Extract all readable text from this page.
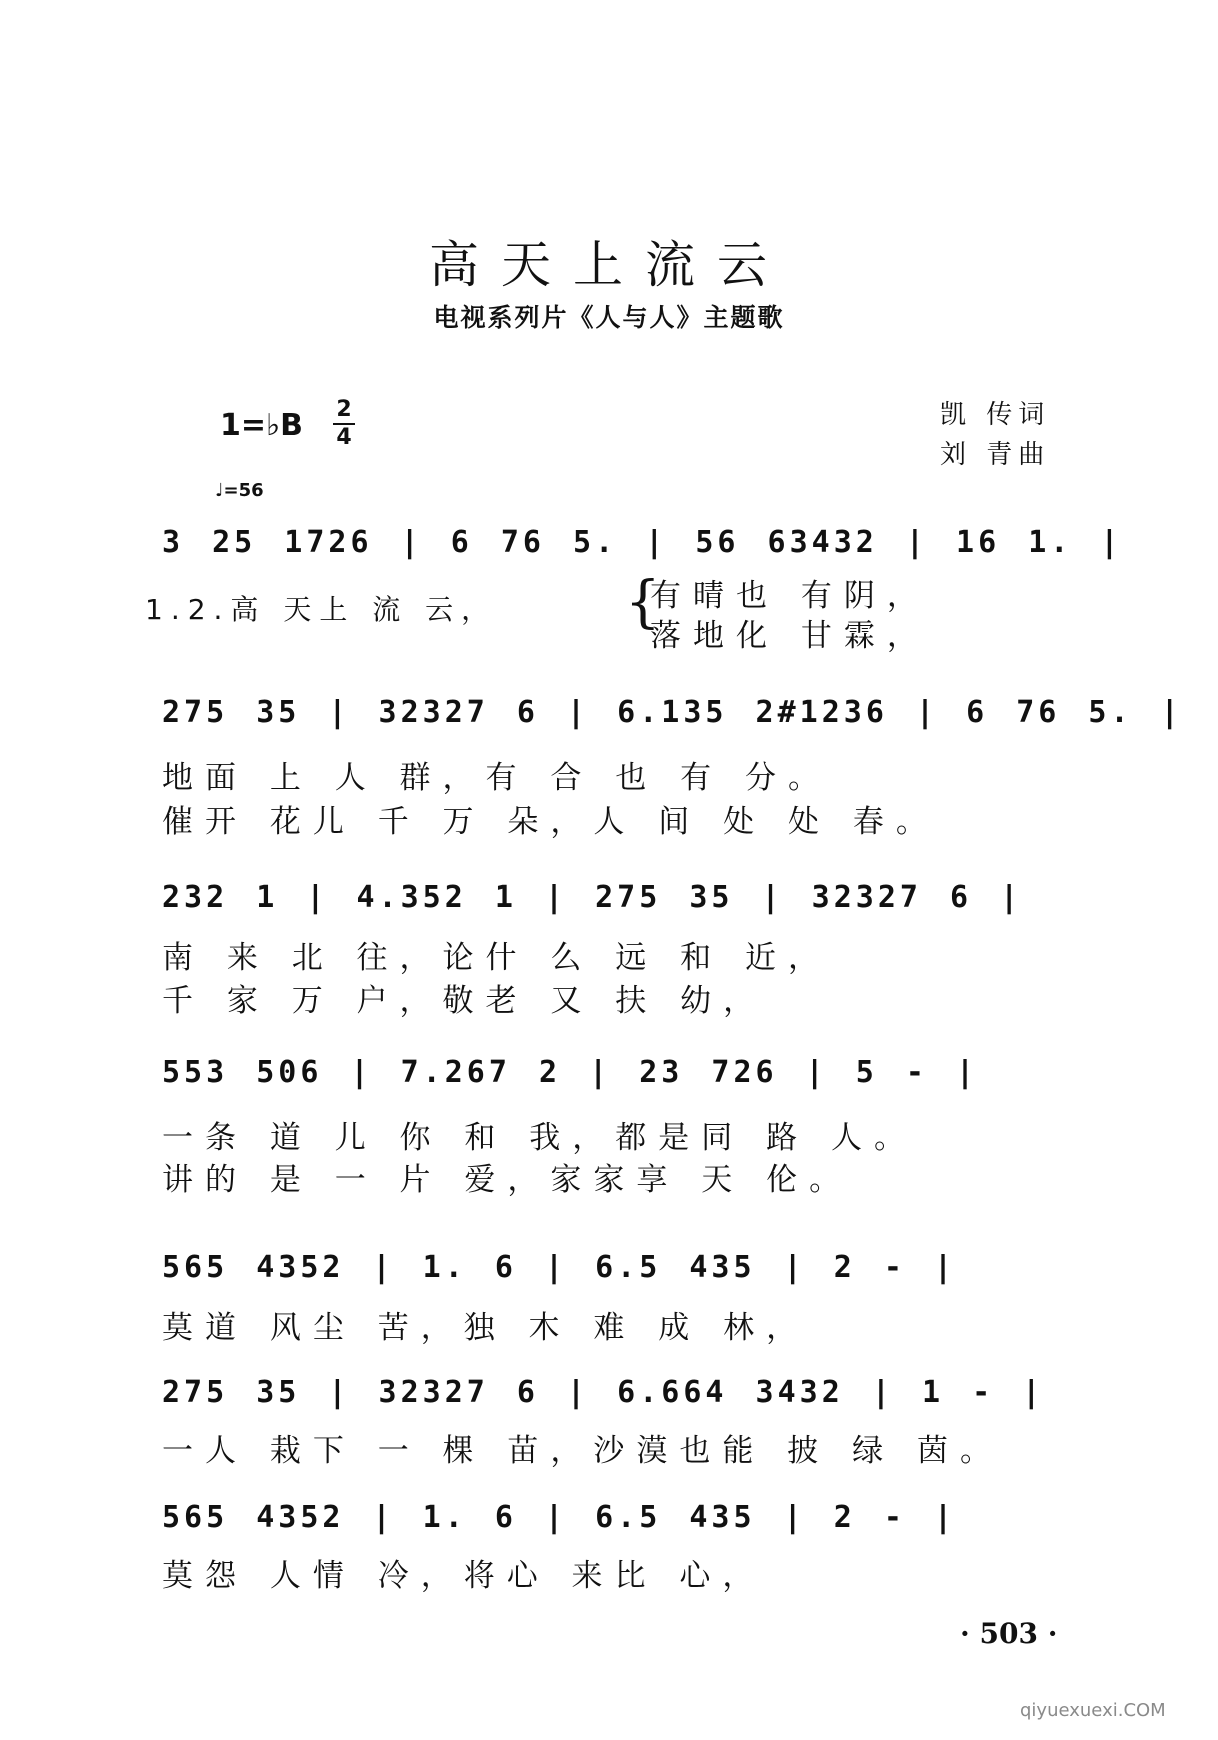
高天上流云
电视系列片《人与人》主题歌
1=♭B 2
4
♩=56
凯 传词
刘 青曲
3 25 1726 | 6 76 5. | 56 63432 | 16 1. |
1.2.高 天上 流 云， {
有晴也 有阴，
落地化 甘霖，
275 35 | 32327 6 | 6.135 2#1236 | 6 76 5. |
地面 上 人 群，有 合 也 有 分。
催开 花儿 千 万 朵，人 间 处 处 春。
232 1 | 4.352 1 | 275 35 | 32327 6 |
南 来 北 往，论什 么 远 和 近，
千 家 万 户，敬老 又 扶 幼，
553 506 | 7.267 2 | 23 726 | 5 - |
一条 道 儿 你 和 我，都是同 路 人。
讲的 是 一 片 爱，家家享 天 伦。
565 4352 | 1. 6 | 6.5 435 | 2 - |
莫道 风尘 苦，独 木 难 成 林，
275 35 | 32327 6 | 6.664 3432 | 1 - |
一人 栽下 一 棵 苗，沙漠也能 披 绿 茵。
565 4352 | 1. 6 | 6.5 435 | 2 - |
莫怨 人情 冷，将心 来比 心，
· 503 ·
qiyuexuexi.COM
